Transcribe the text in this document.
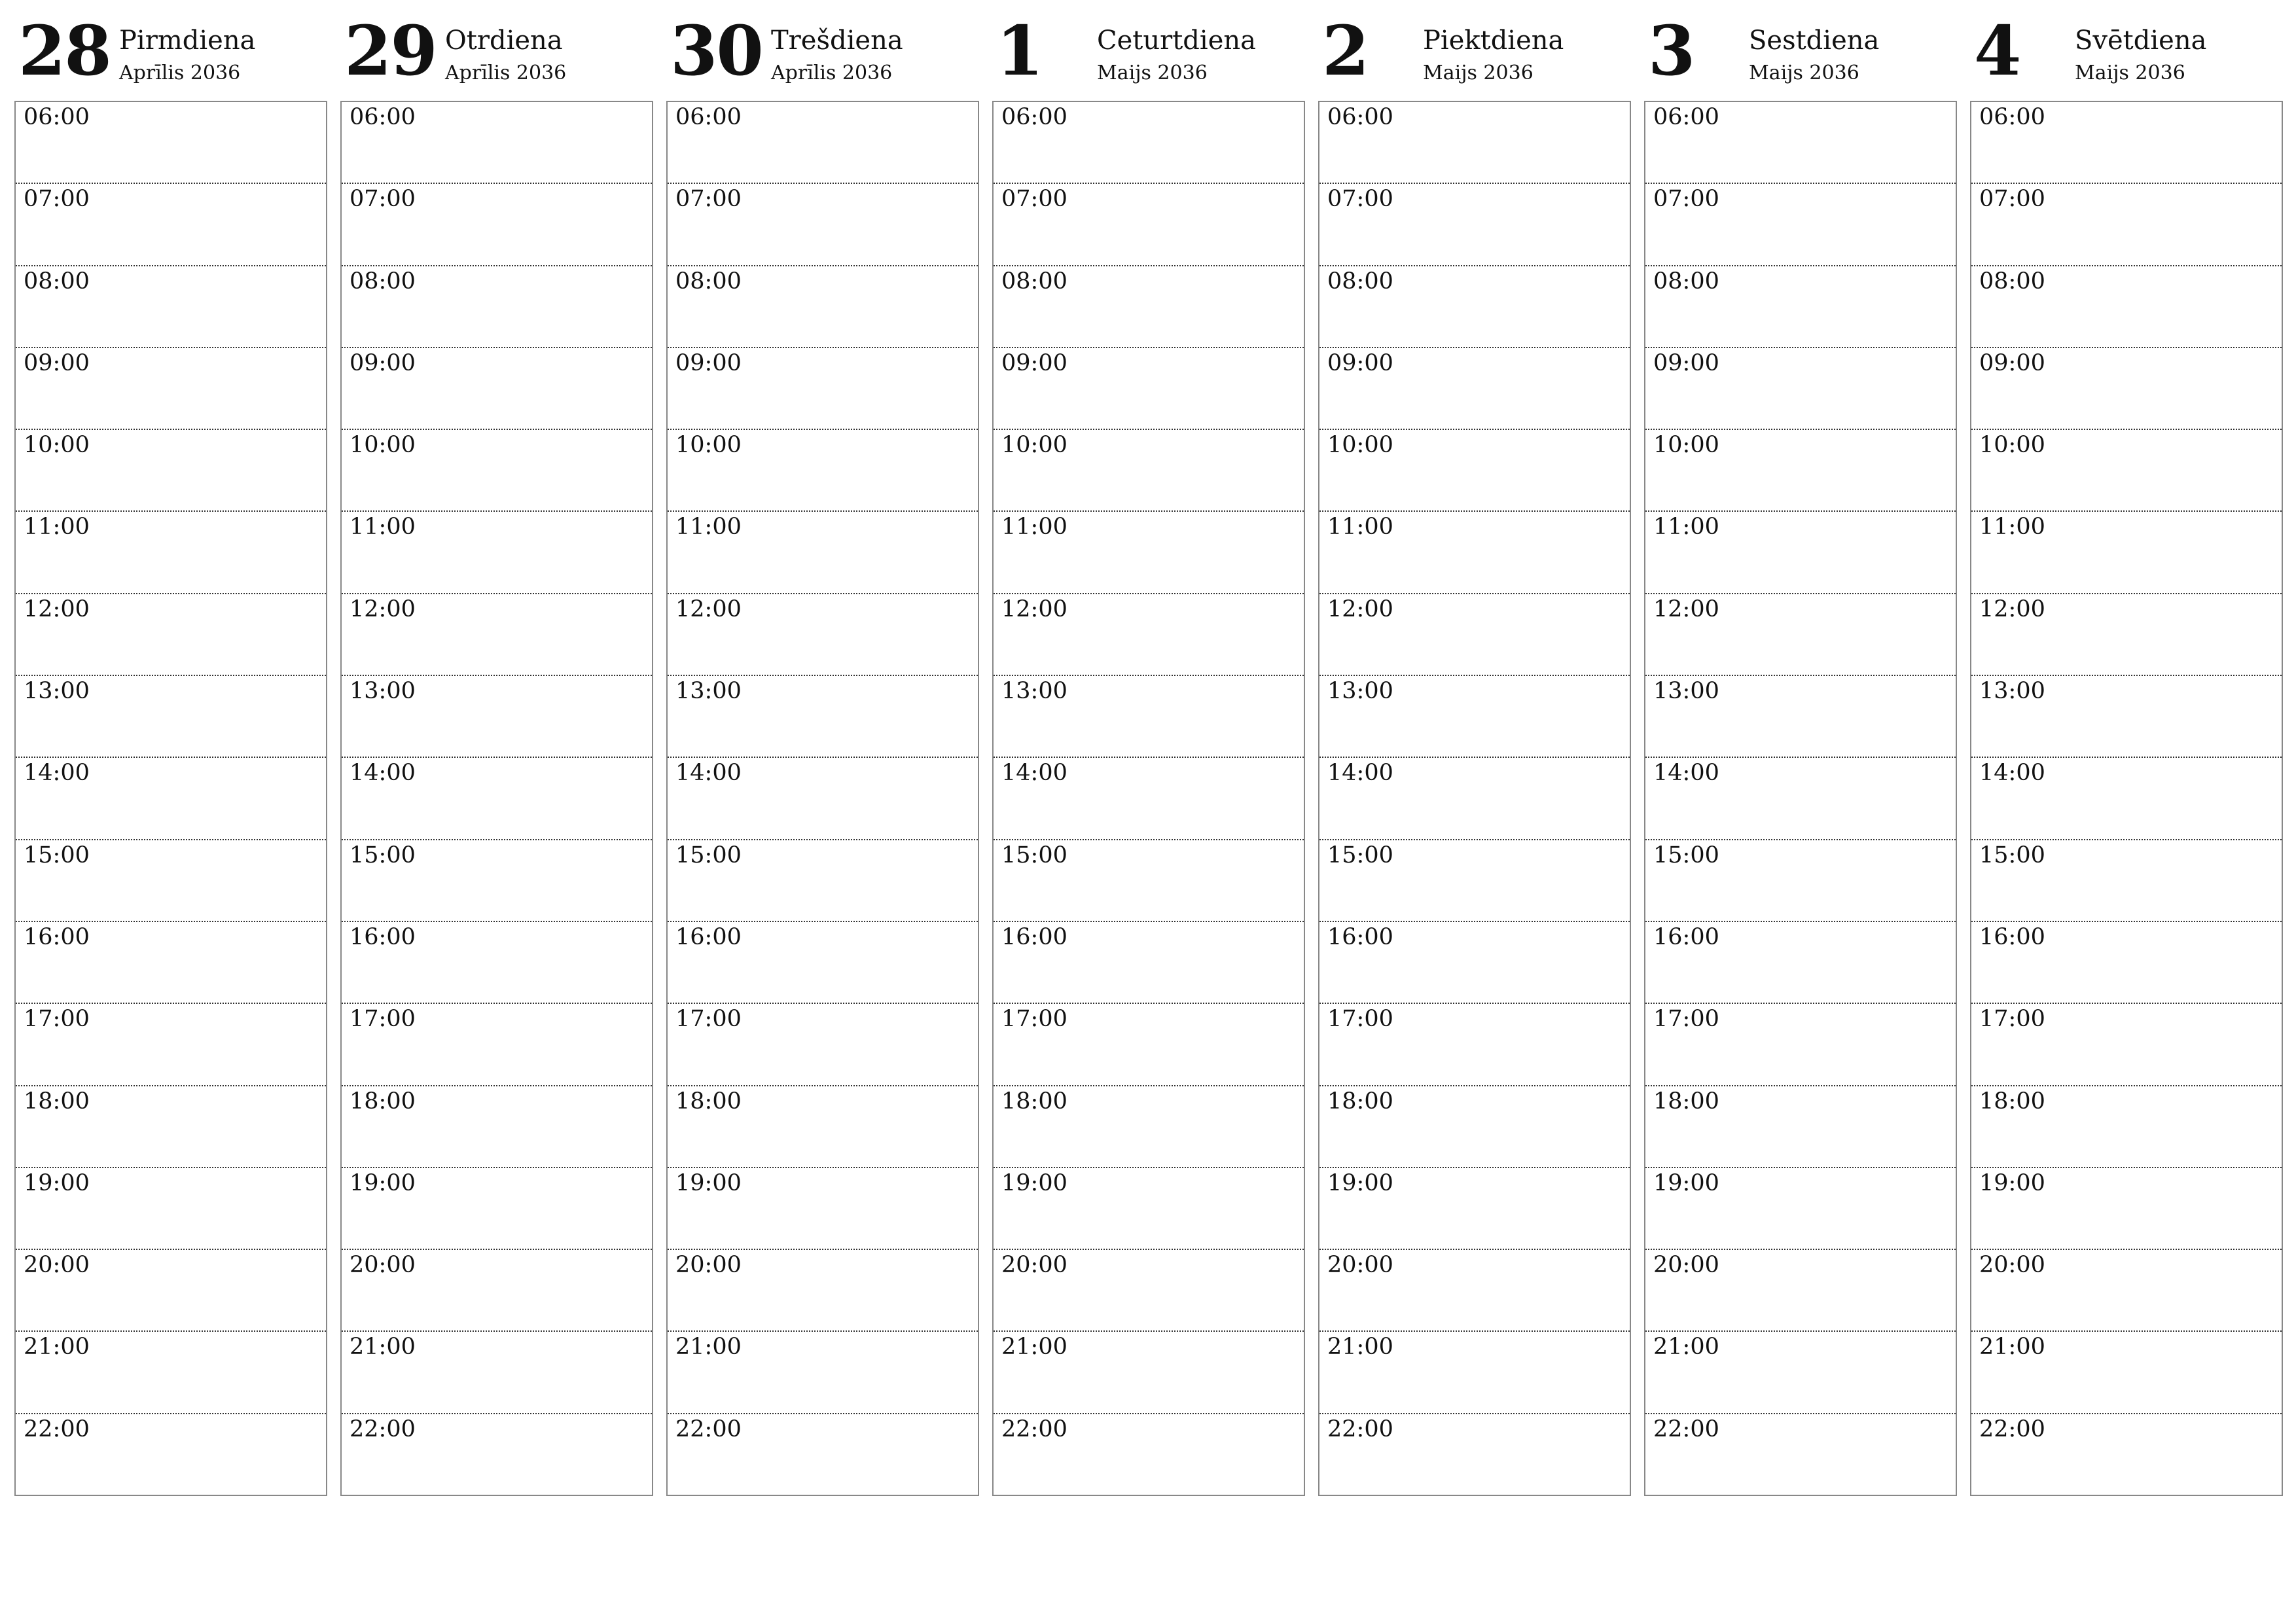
28 Pirmdiena
Aprīlis 2036
06:00
07:00
08:00
09:00
10:00
11:00
12:00
13:00
14:00
15:00
16:00
17:00
18:00
19:00
20:00
21:00
22:00
29 Otrdiena
Aprīlis 2036
06:00
07:00
08:00
09:00
10:00
11:00
12:00
13:00
14:00
15:00
16:00
17:00
18:00
19:00
20:00
21:00
22:00
30 Trešdiena
Aprīlis 2036
06:00
07:00
08:00
09:00
10:00
11:00
12:00
13:00
14:00
15:00
16:00
17:00
18:00
19:00
20:00
21:00
22:00
1 Ceturtdiena
Maijs 2036
06:00
07:00
08:00
09:00
10:00
11:00
12:00
13:00
14:00
15:00
16:00
17:00
18:00
19:00
20:00
21:00
22:00
2 Piektdiena
Maijs 2036
06:00
07:00
08:00
09:00
10:00
11:00
12:00
13:00
14:00
15:00
16:00
17:00
18:00
19:00
20:00
21:00
22:00
3 Sestdiena
Maijs 2036
06:00
07:00
08:00
09:00
10:00
11:00
12:00
13:00
14:00
15:00
16:00
17:00
18:00
19:00
20:00
21:00
22:00
4 Svētdiena
Maijs 2036
06:00
07:00
08:00
09:00
10:00
11:00
12:00
13:00
14:00
15:00
16:00
17:00
18:00
19:00
20:00
21:00
22:00
